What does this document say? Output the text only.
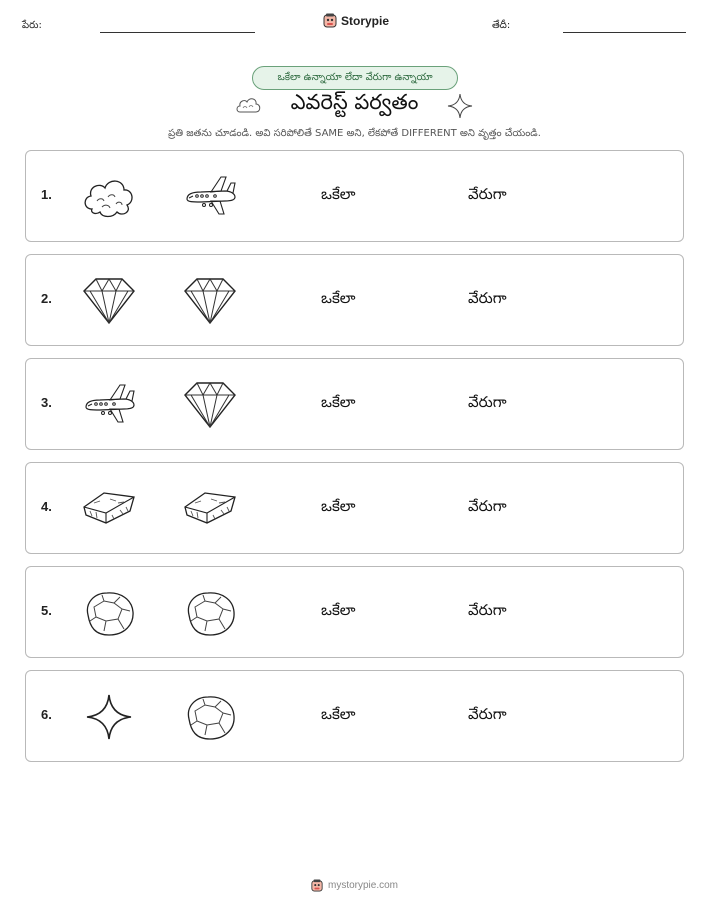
పేరు:	Storypie	తేదీ:
ఒకేలా ఉన్నాయా లేదా వేరుగా ఉన్నాయా
ఎవరెస్ట్ పర్వతం
ప్రతి జతను చూడండి. అవి సరిపోలితే SAME అని, లేకపోతే DIFFERENT అని వృత్తం చేయండి.
1.	ఒకేలా	వేరుగా
2.	ఒకేలా	వేరుగా
3.	ఒకేలా	వేరుగా
4.	ఒకేలా	వేరుగా
5.	ఒకేలా	వేరుగా
6.	ఒకేలా	వేరుగా
mystorypie.com
